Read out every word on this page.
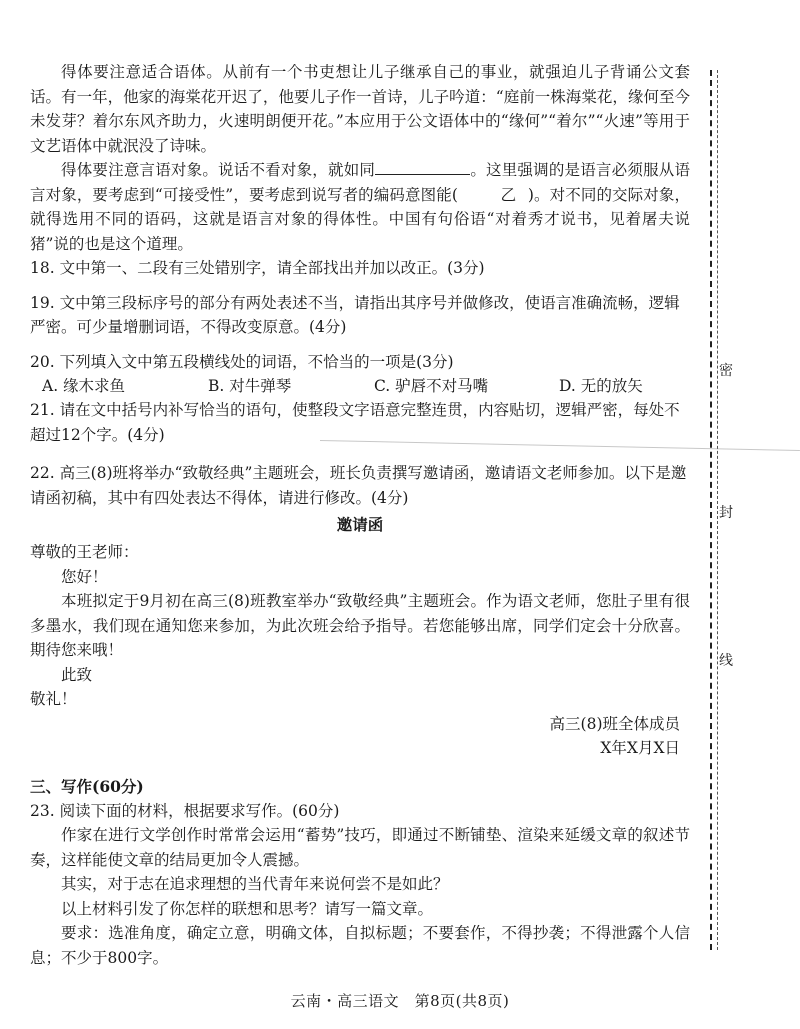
得体要注意适合语体。从前有一个书吏想让儿子继承自己的事业，就强迫儿子背诵公文套话。有一年，他家的海棠花开迟了，他要儿子作一首诗，儿子吟道：“庭前一株海棠花，缘何至今未发芽？着尔东风齐助力，火速明朗便开花。”本应用于公文语体中的“缘何”“着尔”“火速”等用于文艺语体中就泯没了诗味。

得体要注意言语对象。说话不看对象，就如同	。这里强调的是语言必须服从语言对象，要考虑到“可接受性”，要考虑到说写者的编码意图能(	乙 )。对不同的交际对象，就得选用不同的语码，这就是语言对象的得体性。中国有句俗语“对着秀才说书，见着屠夫说猪”说的也是这个道理。

18. 文中第一、二段有三处错别字，请全部找出并加以改正。(3分)

19. 文中第三段标序号的部分有两处表述不当，请指出其序号并做修改，使语言准确流畅，逻辑严密。可少量增删词语，不得改变原意。(4分)

20. 下列填入文中第五段横线处的词语，不恰当的一项是(3分)

A. 缘木求鱼	B. 对牛弹琴	C. 驴唇不对马嘴	D. 无的放矢

21. 请在文中括号内补写恰当的语句，使整段文字语意完整连贯，内容贴切，逻辑严密，每处不超过12个字。(4分)

22. 高三(8)班将举办“致敬经典”主题班会，班长负责撰写邀请函，邀请语文老师参加。以下是邀请函初稿，其中有四处表达不得体，请进行修改。(4分)

邀请函

尊敬的王老师：

您好！

本班拟定于9月初在高三(8)班教室举办“致敬经典”主题班会。作为语文老师，您肚子里有很多墨水，我们现在通知您来参加，为此次班会给予指导。若您能够出席，同学们定会十分欣喜。期待您来哦！

此致

敬礼！

高三(8)班全体成员

X年X月X日

三、写作(60分)

23. 阅读下面的材料，根据要求写作。(60分)

作家在进行文学创作时常常会运用“蓄势”技巧，即通过不断铺垫、渲染来延缓文章的叙述节奏，这样能使文章的结局更加令人震撼。

其实，对于志在追求理想的当代青年来说何尝不是如此？

以上材料引发了你怎样的联想和思考？请写一篇文章。

要求：选准角度，确定立意，明确文体，自拟标题；不要套作，不得抄袭；不得泄露个人信息；不少于800字。

密
封
线
云南・高三语文　第8页(共8页)
